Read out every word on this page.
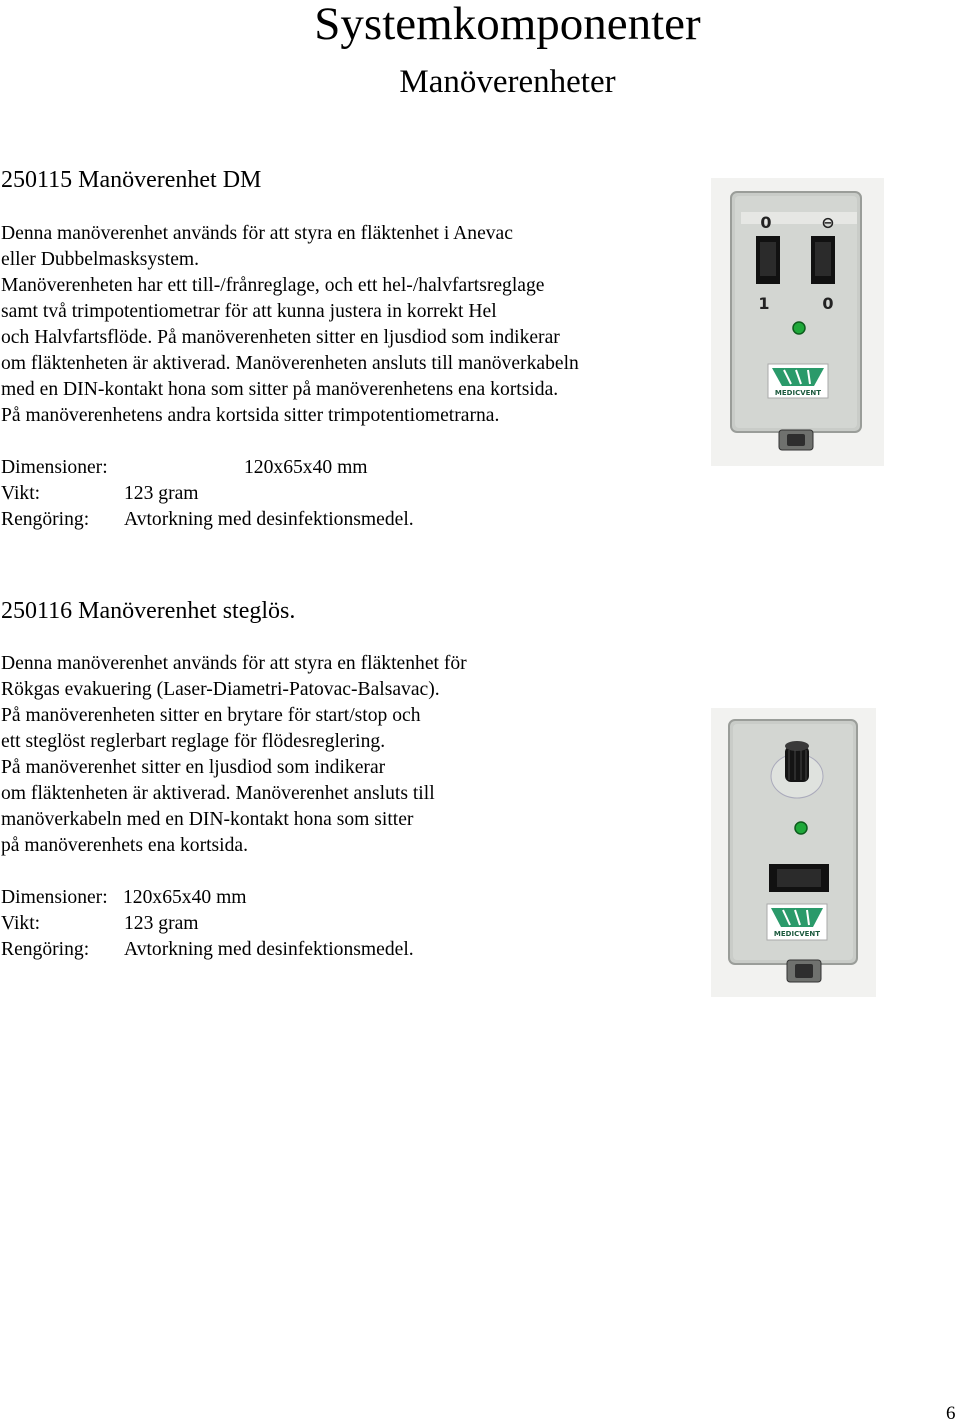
Systemkomponenter
Manöverenheter
250115 Manöverenhet DM
Denna manöverenhet används för att styra en fläktenhet i Anevac
eller Dubbelmasksystem.
Manöverenheten har ett till-/frånreglage, och ett hel-/halvfartsreglage
samt två trimpotentiometrar för att kunna justera in korrekt Hel
och Halvfartsflöde. På manöverenheten sitter en ljusdiod som indikerar
om fläktenheten är aktiverad. Manöverenheten ansluts till manöverkabeln
med en DIN-kontakt hona som sitter på manöverenhetens ena kortsida.
På manöverenhetens andra kortsida sitter trimpotentiometrarna.
Dimensioner:	120x65x40 mm
Vikt:	123 gram
Rengöring: Avtorkning med desinfektionsmedel.
0	⊖
1	0
MEDICVENT
250116 Manöverenhet steglös.
Denna manöverenhet används för att styra en fläktenhet för
Rökgas evakuering (Laser-Diametri-Patovac-Balsavac).
På manöverenheten sitter en brytare för start/stop och
ett steglöst reglerbart reglage för flödesreglering.
På manöverenhet sitter en ljusdiod som indikerar
om fläktenheten är aktiverad. Manöverenhet ansluts till
manöverkabeln med en DIN-kontakt hona som sitter
på manöverenhets ena kortsida.
Dimensioner: 120x65x40 mm
Vikt:	123 gram
Rengöring: Avtorkning med desinfektionsmedel.
MEDICVENT
6
